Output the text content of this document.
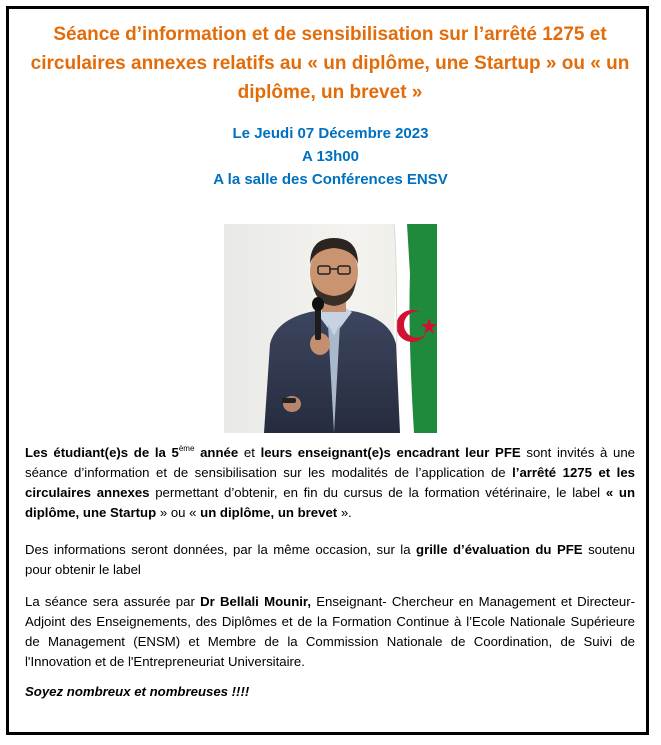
Séance d’information et de sensibilisation sur l’arrêté 1275 et circulaires annexes relatifs au « un diplôme, une Startup » ou « un diplôme, un brevet »
Le Jeudi 07 Décembre 2023
A 13h00
A la salle des Conférences ENSV
Les étudiant(e)s de la 5ème année et leurs enseignant(e)s encadrant leur PFE sont invités à une séance d’information et de sensibilisation sur les modalités de l’application de l’arrêté 1275 et les circulaires annexes permettant d’obtenir, en fin du cursus de la formation vétérinaire, le label « un diplôme, une Startup » ou « un diplôme, un brevet ».
Des informations seront données, par la même occasion, sur la grille d’évaluation du PFE soutenu pour obtenir le label
La séance sera assurée par Dr Bellali Mounir, Enseignant- Chercheur en Management et Directeur-Adjoint des Enseignements, des Diplômes et de la Formation Continue à l’Ecole Nationale Supérieure de Management (ENSM) et Membre de la Commission Nationale de Coordination, de Suivi de l'Innovation et de l'Entrepreneuriat Universitaire.
Soyez nombreux et nombreuses !!!!
